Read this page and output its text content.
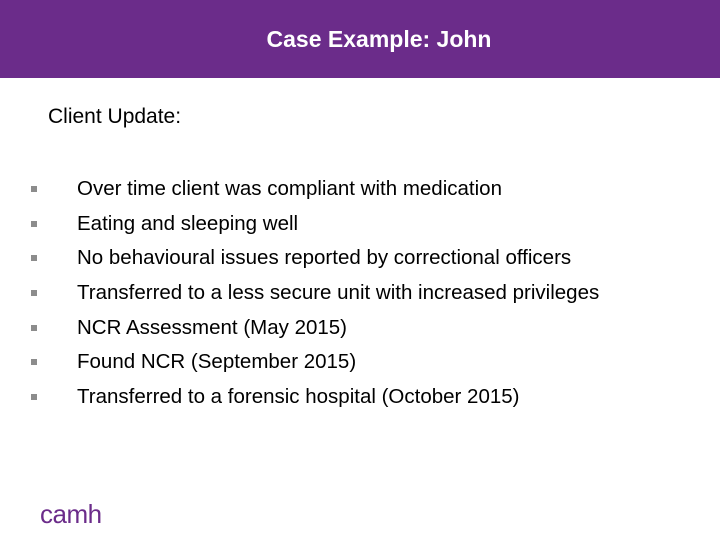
Case Example: John
Client Update:
Over time client was compliant with medication
Eating and sleeping well
No behavioural issues reported by correctional officers
Transferred to a less secure unit with increased privileges
NCR Assessment (May 2015)
Found NCR (September 2015)
Transferred to a forensic hospital (October 2015)
camh
